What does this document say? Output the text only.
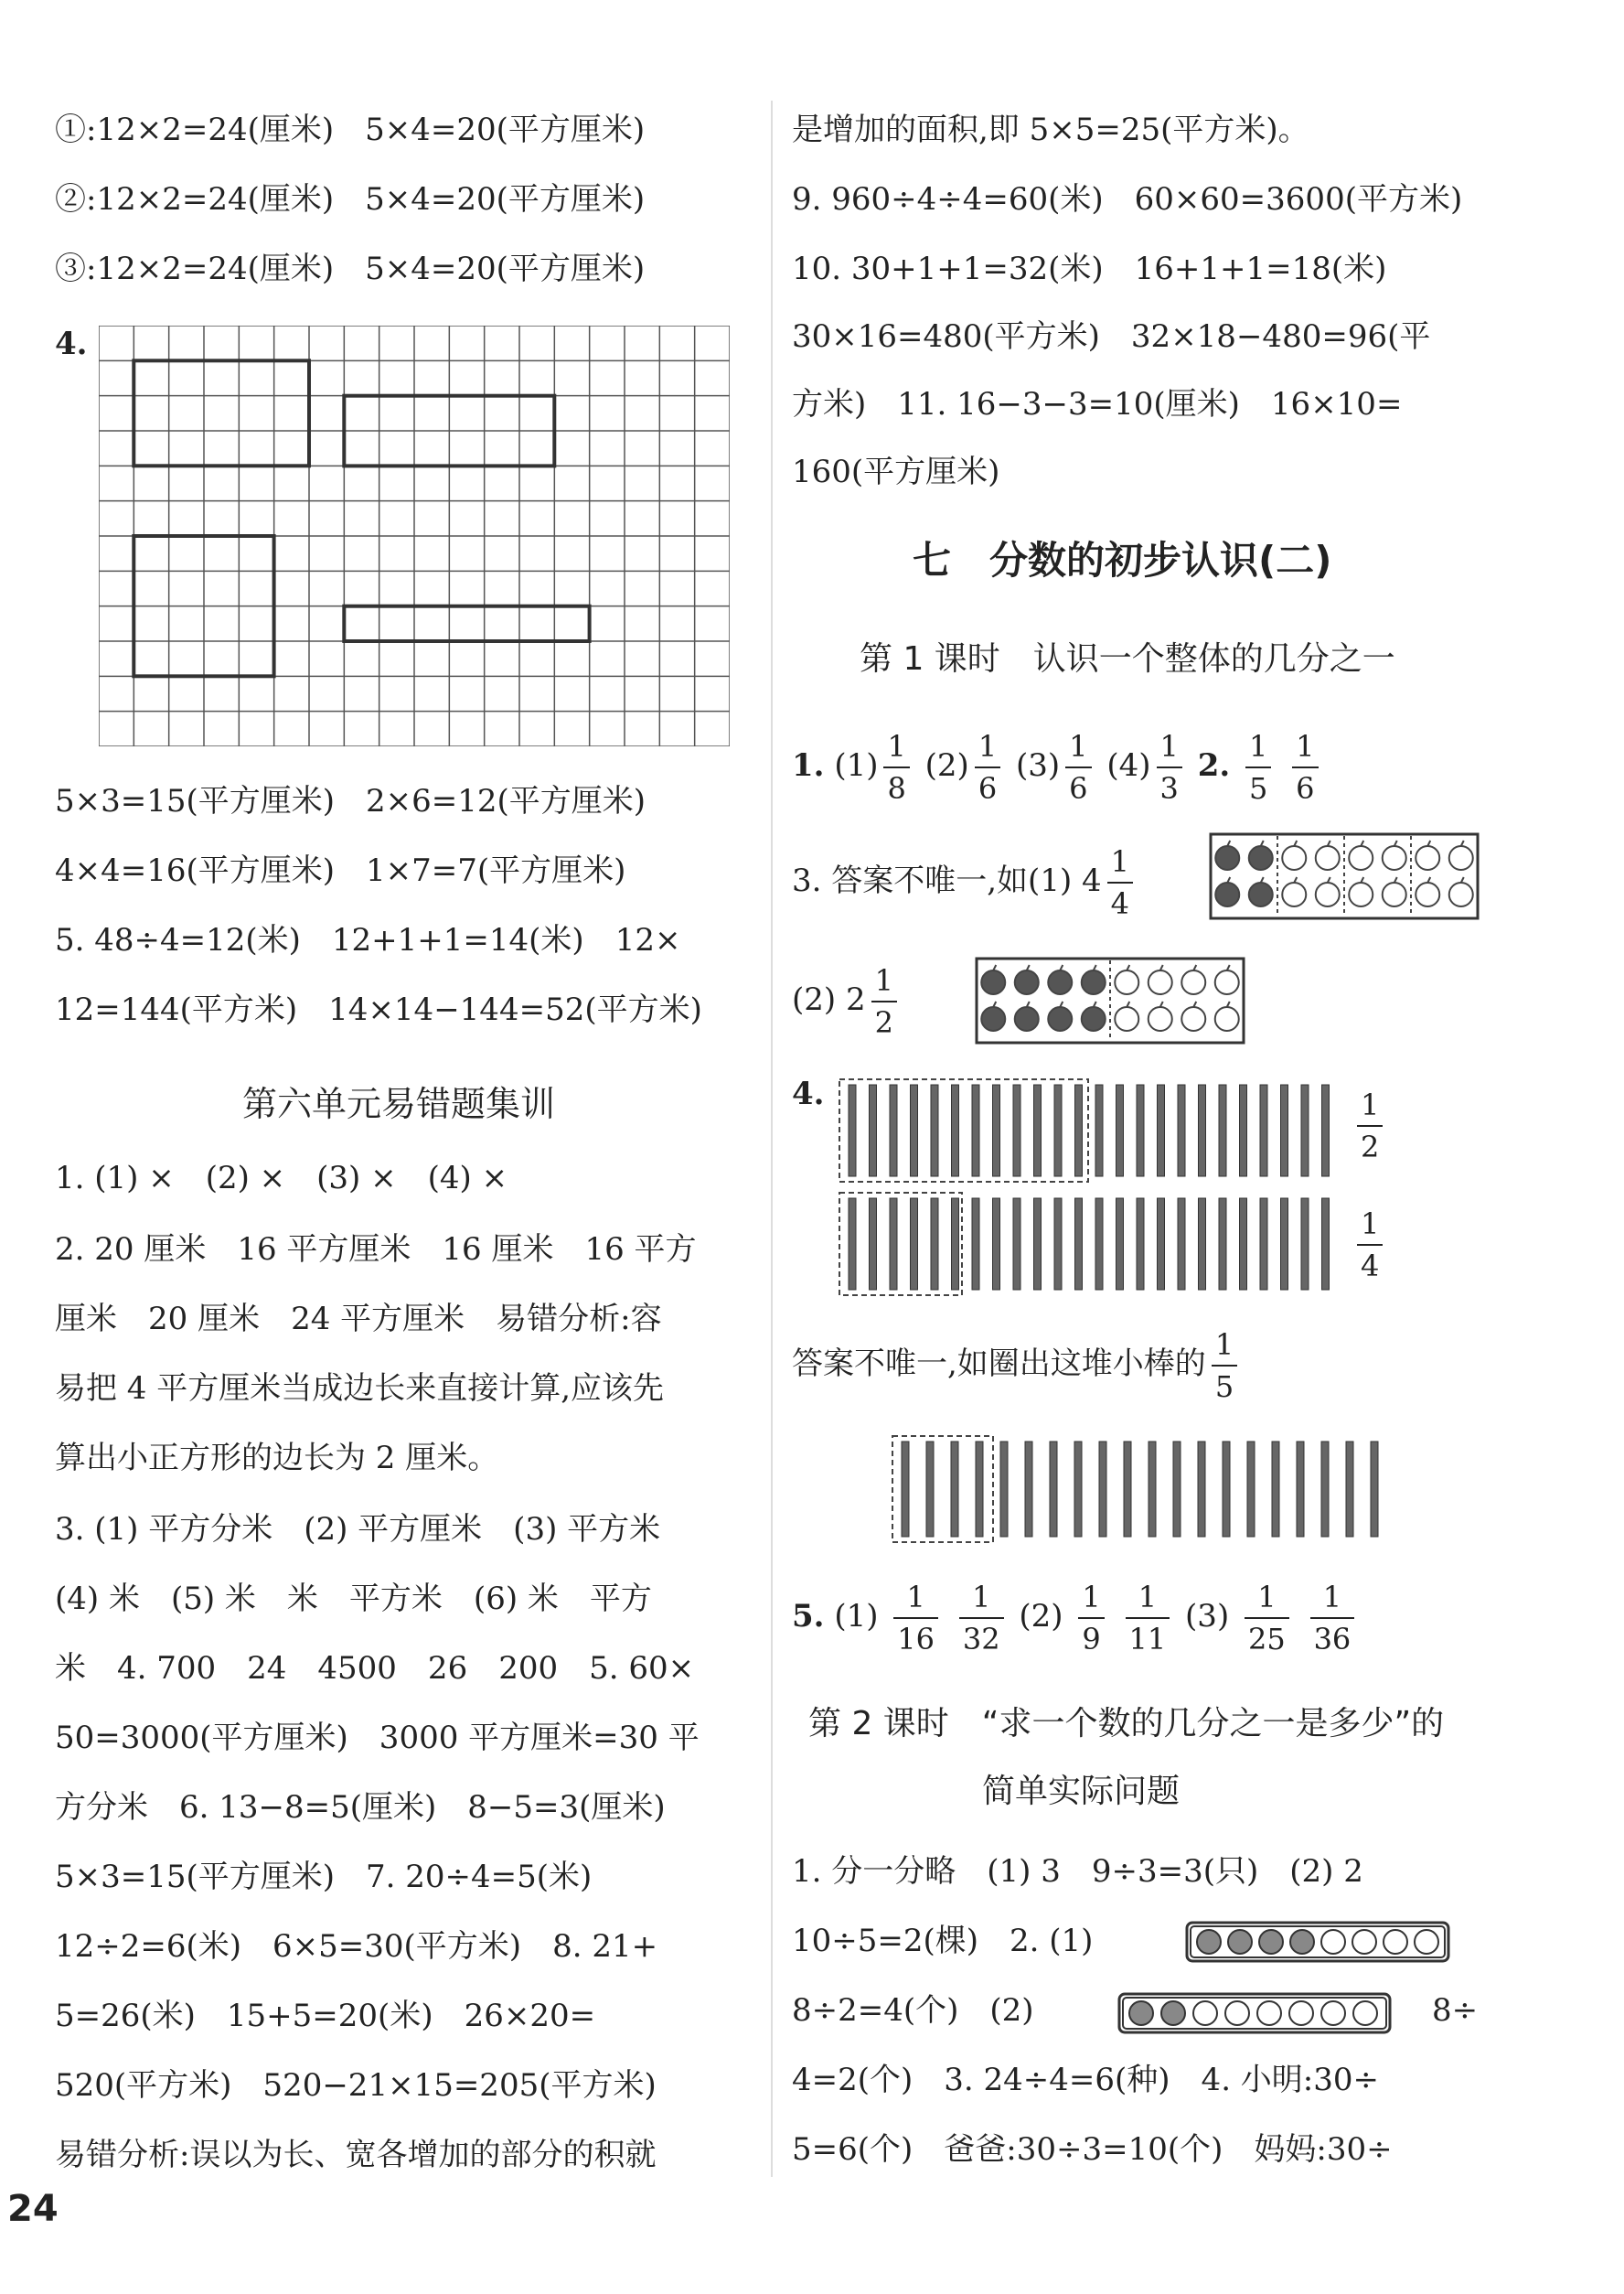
①:12×2=24(厘米)　5×4=20(平方厘米)
②:12×2=24(厘米)　5×4=20(平方厘米)
③:12×2=24(厘米)　5×4=20(平方厘米)
4.
5×3=15(平方厘米)　2×6=12(平方厘米)
4×4=16(平方厘米)　1×7=7(平方厘米)
5. 48÷4=12(米)　12+1+1=14(米)　12×
12=144(平方米)　14×14−144=52(平方米)
第六单元易错题集训
1. (1) ×　(2) ×　(3) ×　(4) ×
2. 20 厘米　16 平方厘米　16 厘米　16 平方
厘米　20 厘米　24 平方厘米　易错分析:容
易把 4 平方厘米当成边长来直接计算,应该先
算出小正方形的边长为 2 厘米。
3. (1) 平方分米　(2) 平方厘米　(3) 平方米
(4) 米　(5) 米　米　平方米　(6) 米　平方
米　4. 700　24　4500　26　200　5. 60×
50=3000(平方厘米)　3000 平方厘米=30 平
方分米　6. 13−8=5(厘米)　8−5=3(厘米)
5×3=15(平方厘米)　7. 20÷4=5(米)
12÷2=6(米)　6×5=30(平方米)　8. 21+
5=26(米)　15+5=20(米)　26×20=
520(平方米)　520−21×15=205(平方米)
易错分析:误以为长、宽各增加的部分的积就
是增加的面积,即 5×5=25(平方米)。
9. 960÷4÷4=60(米)　60×60=3600(平方米)
10. 30+1+1=32(米)　16+1+1=18(米)
30×16=480(平方米)　32×18−480=96(平
方米)　11. 16−3−3=10(厘米)　16×10=
160(平方厘米)
七　分数的初步认识(二)
第 1 课时　认识一个整体的几分之一
1. $(1) \frac{1}{8} (2) \frac{1}{6} (3) \frac{1}{6} (4) \frac{1}{3} 2$. $\frac{1}{5}$
$\frac{1}{6}$
3. 答案不唯一,如(1) $4 \frac{1}{4}$
(2) $2 \frac{1}{2}$
4.	$\frac{1}{2}$
$\frac{1}{4}$
答案不唯一,如圈出这堆小棒的 $\frac{1}{5}$
5. $(1) \frac{1}{16}$
$\frac{1}{32} (2) \frac{1}{9}$
$\frac{1}{11} (3) \frac{1}{25}$
$\frac{1}{36}$
第 2 课时　“求一个数的几分之一是多少”的
简单实际问题
1. 分一分略　(1) 3　9÷3=3(只)　(2) 2
10÷5=2(棵)　2. (1)
8÷2=4(个)　(2)	8÷
4=2(个)　3. 24÷4=6(种)　4. 小明:30÷
5=6(个)　爸爸:30÷3=10(个)　妈妈:30÷
24
